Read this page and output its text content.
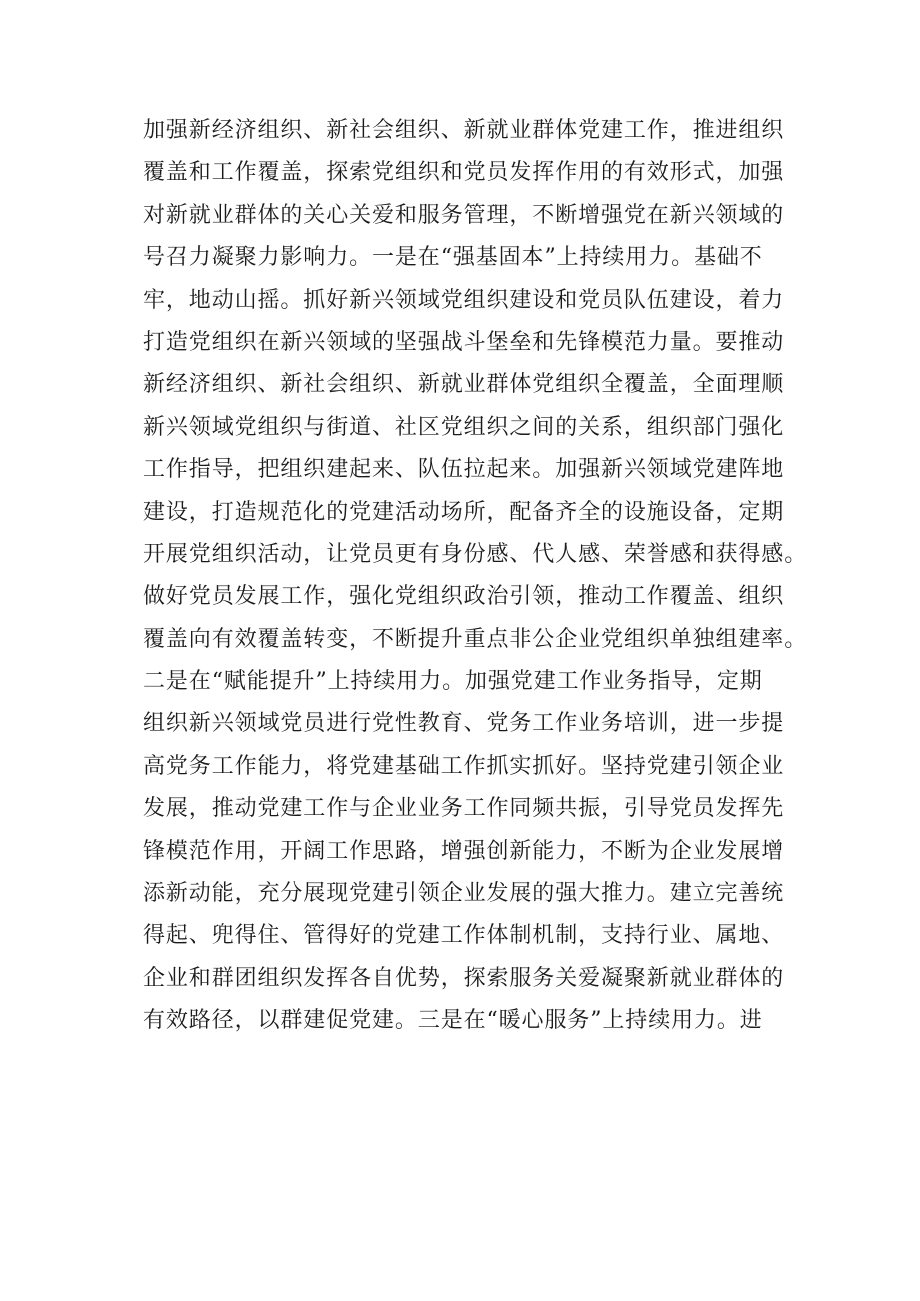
加强新经济组织、新社会组织、新就业群体党建工作，推进组织
覆盖和工作覆盖，探索党组织和党员发挥作用的有效形式，加强
对新就业群体的关心关爱和服务管理，不断增强党在新兴领域的
号召力凝聚力影响力。一是在“强基固本”上持续用力。基础不
牢，地动山摇。抓好新兴领域党组织建设和党员队伍建设，着力
打造党组织在新兴领域的坚强战斗堡垒和先锋模范力量。要推动
新经济组织、新社会组织、新就业群体党组织全覆盖，全面理顺
新兴领域党组织与街道、社区党组织之间的关系，组织部门强化
工作指导，把组织建起来、队伍拉起来。加强新兴领域党建阵地
建设，打造规范化的党建活动场所，配备齐全的设施设备，定期
开展党组织活动，让党员更有身份感、代人感、荣誉感和获得感。
做好党员发展工作，强化党组织政治引领，推动工作覆盖、组织
覆盖向有效覆盖转变，不断提升重点非公企业党组织单独组建率。
二是在“赋能提升”上持续用力。加强党建工作业务指导，定期
组织新兴领域党员进行党性教育、党务工作业务培训，进一步提
高党务工作能力，将党建基础工作抓实抓好。坚持党建引领企业
发展，推动党建工作与企业业务工作同频共振，引导党员发挥先
锋模范作用，开阔工作思路，增强创新能力，不断为企业发展增
添新动能，充分展现党建引领企业发展的强大推力。建立完善统
得起、兜得住、管得好的党建工作体制机制，支持行业、属地、
企业和群团组织发挥各自优势，探索服务关爱凝聚新就业群体的
有效路径，以群建促党建。三是在“暖心服务”上持续用力。进
